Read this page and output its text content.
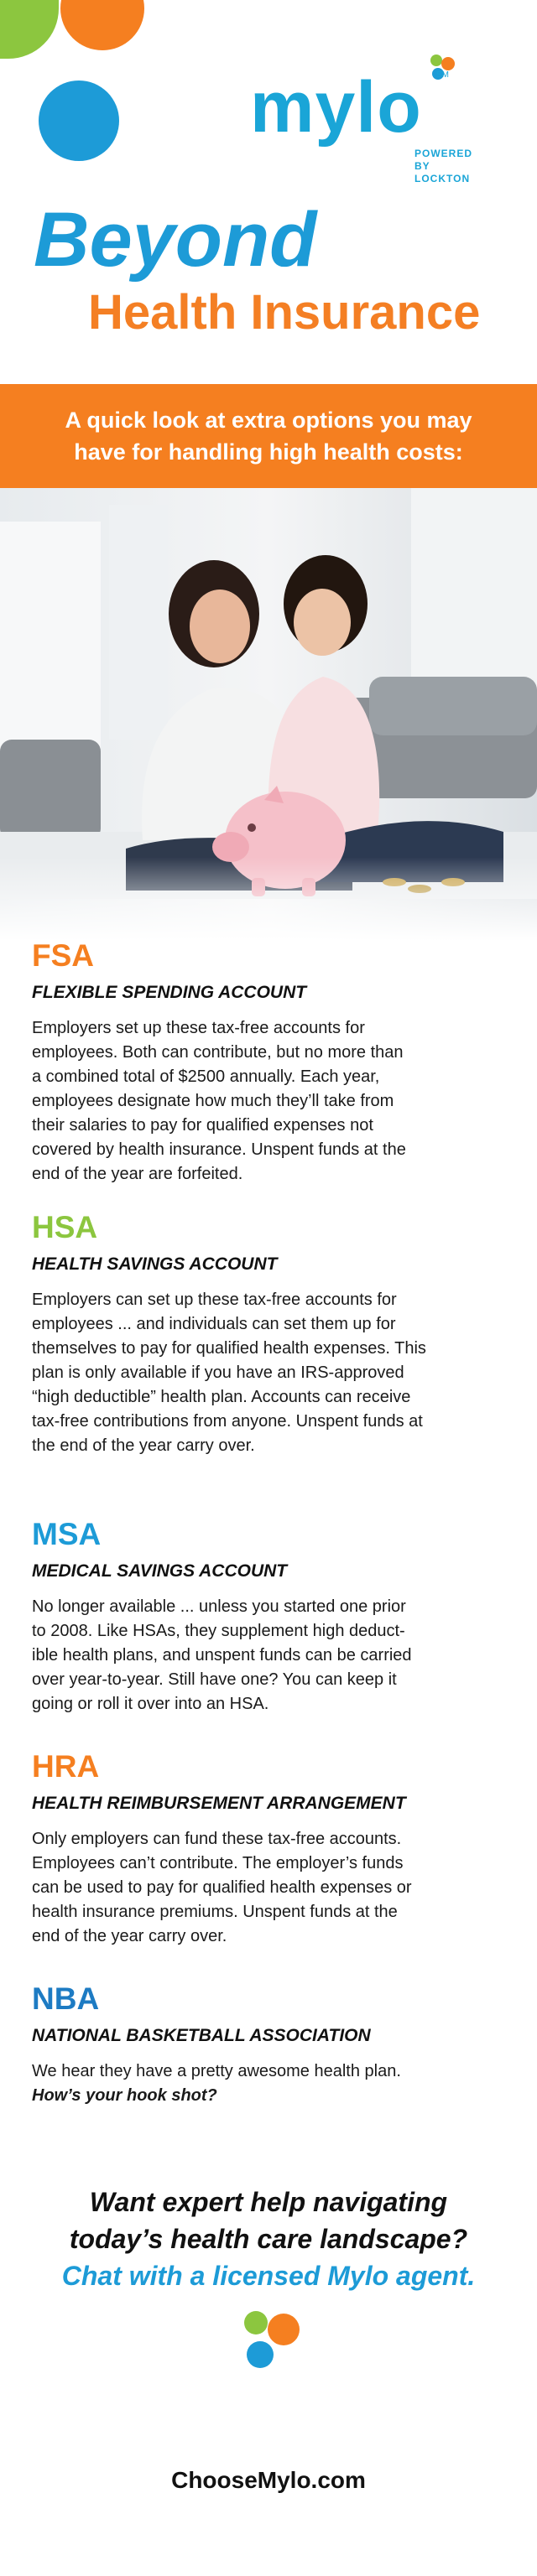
mylo SM
POWERED
BY LOCKTON
Beyond
Health Insurance
A quick look at extra options you may
have for handling high health costs:

FSA

FLEXIBLE SPENDING ACCOUNT

Employers set up these tax-free accounts for
employees. Both can contribute, but no more than
a combined total of $2500 annually. Each year,
employees designate how much they’ll take from
their salaries to pay for qualified expenses not
covered by health insurance. Unspent funds at the
end of the year are forfeited.

HSA

HEALTH SAVINGS ACCOUNT

Employers can set up these tax-free accounts for
employees ... and individuals can set them up for
themselves to pay for qualified health expenses. This
plan is only available if you have an IRS-approved
“high deductible” health plan. Accounts can receive
tax-free contributions from anyone. Unspent funds at
the end of the year carry over.

MSA

MEDICAL SAVINGS ACCOUNT

No longer available ... unless you started one prior
to 2008. Like HSAs, they supplement high deduct-
ible health plans, and unspent funds can be carried
over year-to-year. Still have one? You can keep it
going or roll it over into an HSA.

HRA

HEALTH REIMBURSEMENT ARRANGEMENT

Only employers can fund these tax-free accounts.
Employees can’t contribute. The employer’s funds
can be used to pay for qualified health expenses or
health insurance premiums. Unspent funds at the
end of the year carry over.

NBA

NATIONAL BASKETBALL ASSOCIATION

We hear they have a pretty awesome health plan.
How’s your hook shot?

Want expert help navigating
today’s health care landscape?
Chat with a licensed Mylo agent.
ChooseMylo.com
